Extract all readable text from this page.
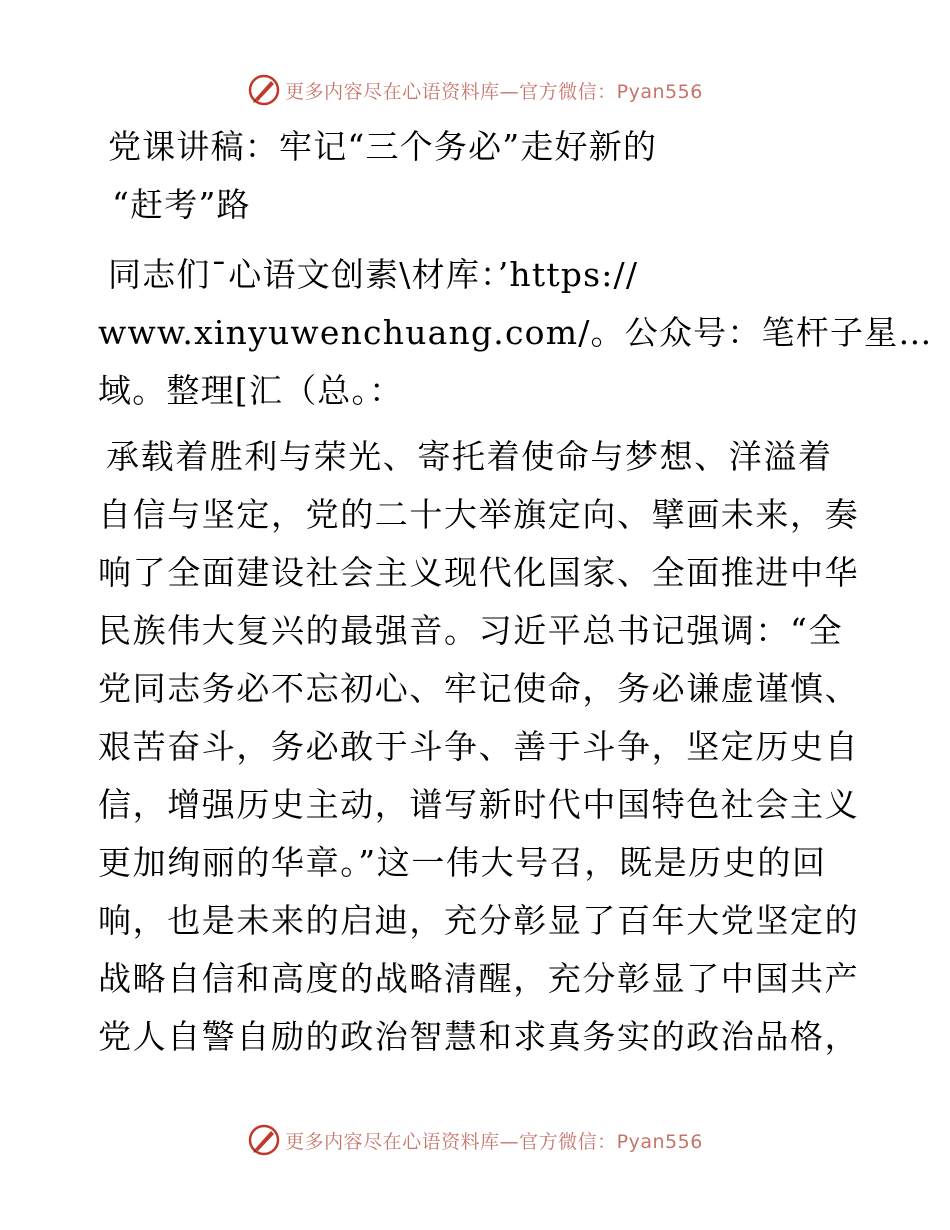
更多内容尽在心语资料库—官方微信：Pyan556
党课讲稿：牢记“三个务必”走好新的
“赶考”路
同志们¯心语文创素\材库：’https://
www.xinyuwenchuang.com/。公众号：笔杆子星…
域。整理[汇（总。：
承载着胜利与荣光、寄托着使命与梦想、洋溢着
自信与坚定，党的二十大举旗定向、擘画未来，奏
响了全面建设社会主义现代化国家、全面推进中华
民族伟大复兴的最强音。习近平总书记强调：“全
党同志务必不忘初心、牢记使命，务必谦虚谨慎、
艰苦奋斗，务必敢于斗争、善于斗争，坚定历史自
信，增强历史主动，谱写新时代中国特色社会主义
更加绚丽的华章。”这一伟大号召，既是历史的回
响，也是未来的启迪，充分彰显了百年大党坚定的
战略自信和高度的战略清醒，充分彰显了中国共产
党人自警自励的政治智慧和求真务实的政治品格，
更多内容尽在心语资料库—官方微信：Pyan556
